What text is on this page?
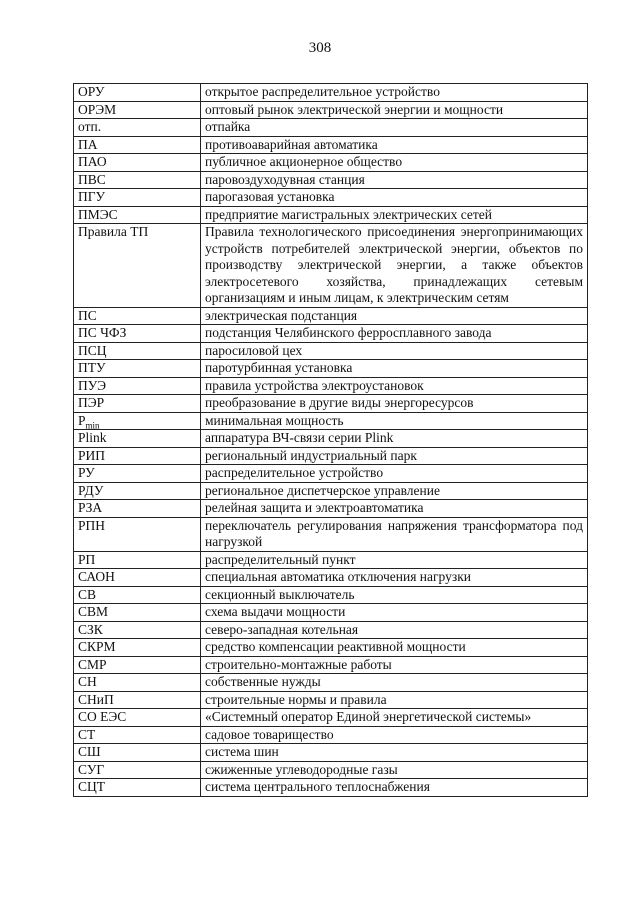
308
ОРУ	открытое распределительное устройство
ОРЭМ	оптовый рынок электрической энергии и мощности
отп.	отпайка
ПА	противоаварийная автоматика
ПАО	публичное акционерное общество
ПВС	паровоздуходувная станция
ПГУ	парогазовая установка
ПМЭС	предприятие магистральных электрических сетей
Правила ТП	Правила технологического присоединения энергопринимающих устройств потребителей электрической энергии, объектов по производству электрической энергии, а также объектов электросетевого хозяйства, принадлежащих сетевым организациям и иным лицам, к электрическим сетям
ПС	электрическая подстанция
ПС ЧФЗ	подстанция Челябинского ферросплавного завода
ПСЦ	паросиловой цех
ПТУ	паротурбинная установка
ПУЭ	правила устройства электроустановок
ПЭР	преобразование в другие виды энергоресурсов
$P_{min}$	минимальная мощность
Plink	аппаратура ВЧ-связи серии Plink
РИП	региональный индустриальный парк
РУ	распределительное устройство
РДУ	региональное диспетчерское управление
РЗА	релейная защита и электроавтоматика
РПН	переключатель регулирования напряжения трансформатора под нагрузкой
РП	распределительный пункт
САОН	специальная автоматика отключения нагрузки
СВ	секционный выключатель
СВМ	схема выдачи мощности
СЗК	северо-западная котельная
СКРМ	средство компенсации реактивной мощности
СМР	строительно-монтажные работы
СН	собственные нужды
СНиП	строительные нормы и правила
СО ЕЭС	«Системный оператор Единой энергетической системы»
СТ	садовое товарищество
СШ	система шин
СУГ	сжиженные углеводородные газы
СЦТ	система центрального теплоснабжения
